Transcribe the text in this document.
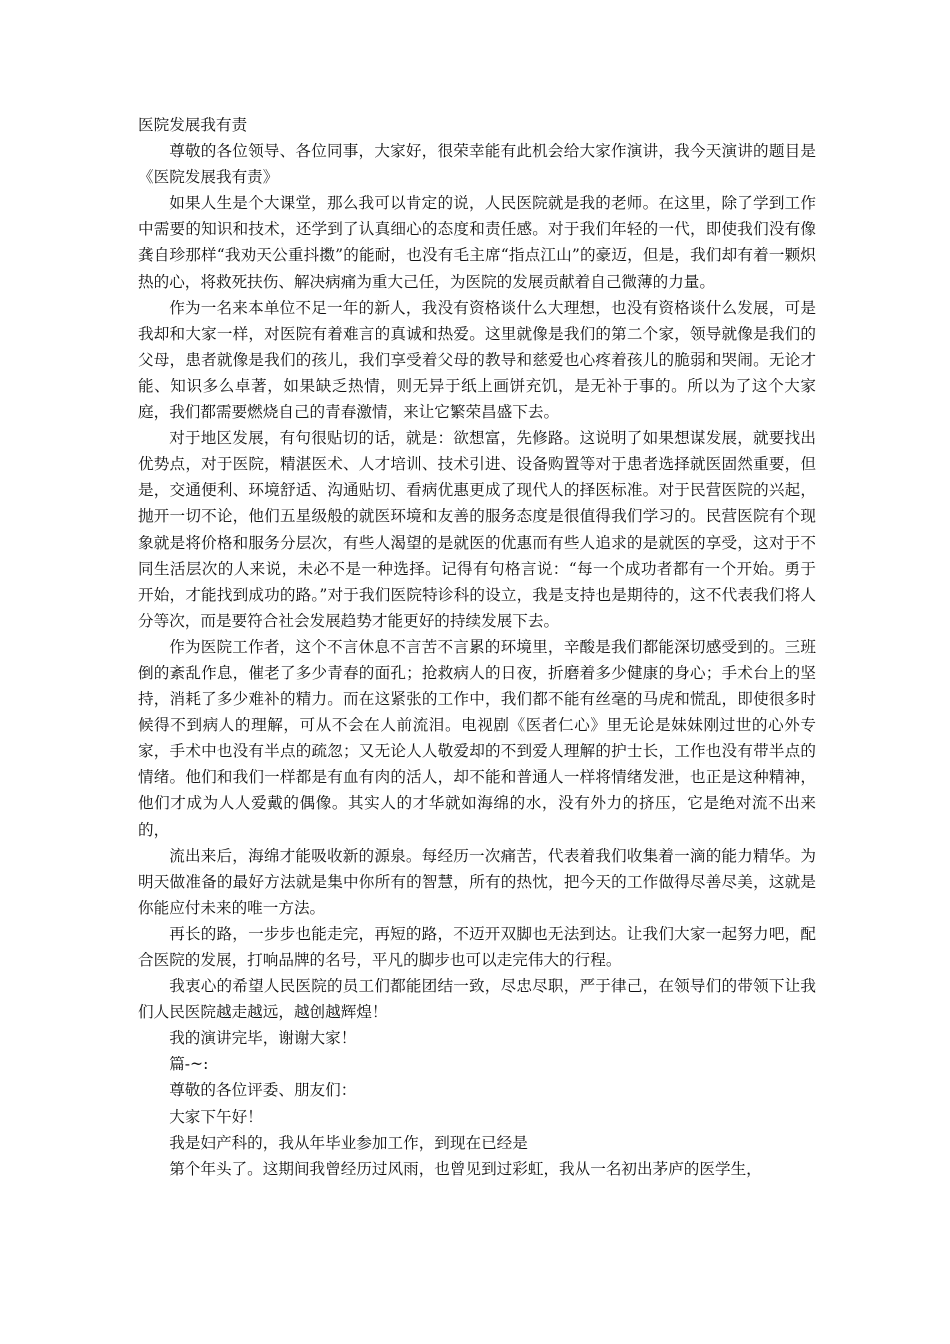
医院发展我有责

尊敬的各位领导、各位同事，大家好，很荣幸能有此机会给大家作演讲，我今天演讲的题目是《医院发展我有责》

如果人生是个大课堂，那么我可以肯定的说，人民医院就是我的老师。在这里，除了学到工作中需要的知识和技术，还学到了认真细心的态度和责任感。对于我们年轻的一代，即使我们没有像龚自珍那样“我劝天公重抖擞”的能耐，也没有毛主席“指点江山”的豪迈，但是，我们却有着一颗炽热的心，将救死扶伤、解决病痛为重大己任，为医院的发展贡献着自己微薄的力量。

作为一名来本单位不足一年的新人，我没有资格谈什么大理想，也没有资格谈什么发展，可是我却和大家一样，对医院有着难言的真诚和热爱。这里就像是我们的第二个家，领导就像是我们的父母，患者就像是我们的孩儿，我们享受着父母的教导和慈爱也心疼着孩儿的脆弱和哭闹。无论才能、知识多么卓著，如果缺乏热情，则无异于纸上画饼充饥，是无补于事的。所以为了这个大家庭，我们都需要燃烧自己的青春激情，来让它繁荣昌盛下去。

对于地区发展，有句很贴切的话，就是：欲想富，先修路。这说明了如果想谋发展，就要找出优势点，对于医院，精湛医术、人才培训、技术引进、设备购置等对于患者选择就医固然重要，但是，交通便利、环境舒适、沟通贴切、看病优惠更成了现代人的择医标准。对于民营医院的兴起，抛开一切不论，他们五星级般的就医环境和友善的服务态度是很值得我们学习的。民营医院有个现象就是将价格和服务分层次，有些人渴望的是就医的优惠而有些人追求的是就医的享受，这对于不同生活层次的人来说，未必不是一种选择。记得有句格言说：“每一个成功者都有一个开始。勇于开始，才能找到成功的路。”对于我们医院特诊科的设立，我是支持也是期待的，这不代表我们将人分等次，而是要符合社会发展趋势才能更好的持续发展下去。

作为医院工作者，这个不言休息不言苦不言累的环境里，辛酸是我们都能深切感受到的。三班倒的紊乱作息，催老了多少青春的面孔；抢救病人的日夜，折磨着多少健康的身心；手术台上的坚持，消耗了多少难补的精力。而在这紧张的工作中，我们都不能有丝毫的马虎和慌乱，即使很多时候得不到病人的理解，可从不会在人前流泪。电视剧《医者仁心》里无论是妹妹刚过世的心外专家，手术中也没有半点的疏忽；又无论人人敬爱却的不到爱人理解的护士长，工作也没有带半点的情绪。他们和我们一样都是有血有肉的活人，却不能和普通人一样将情绪发泄，也正是这种精神，他们才成为人人爱戴的偶像。其实人的才华就如海绵的水，没有外力的挤压，它是绝对流不出来的，

流出来后，海绵才能吸收新的源泉。每经历一次痛苦，代表着我们收集着一滴的能力精华。为明天做准备的最好方法就是集中你所有的智慧，所有的热忱，把今天的工作做得尽善尽美，这就是你能应付未来的唯一方法。

再长的路，一步步也能走完，再短的路，不迈开双脚也无法到达。让我们大家一起努力吧，配合医院的发展，打响品牌的名号，平凡的脚步也可以走完伟大的行程。

我衷心的希望人民医院的员工们都能团结一致，尽忠尽职，严于律己，在领导们的带领下让我们人民医院越走越远，越创越辉煌！

我的演讲完毕，谢谢大家！

篇-~:

尊敬的各位评委、朋友们：

大家下午好！

我是妇产科的，我从年毕业参加工作，到现在已经是

第个年头了。这期间我曾经历过风雨，也曾见到过彩虹，我从一名初出茅庐的医学生，
